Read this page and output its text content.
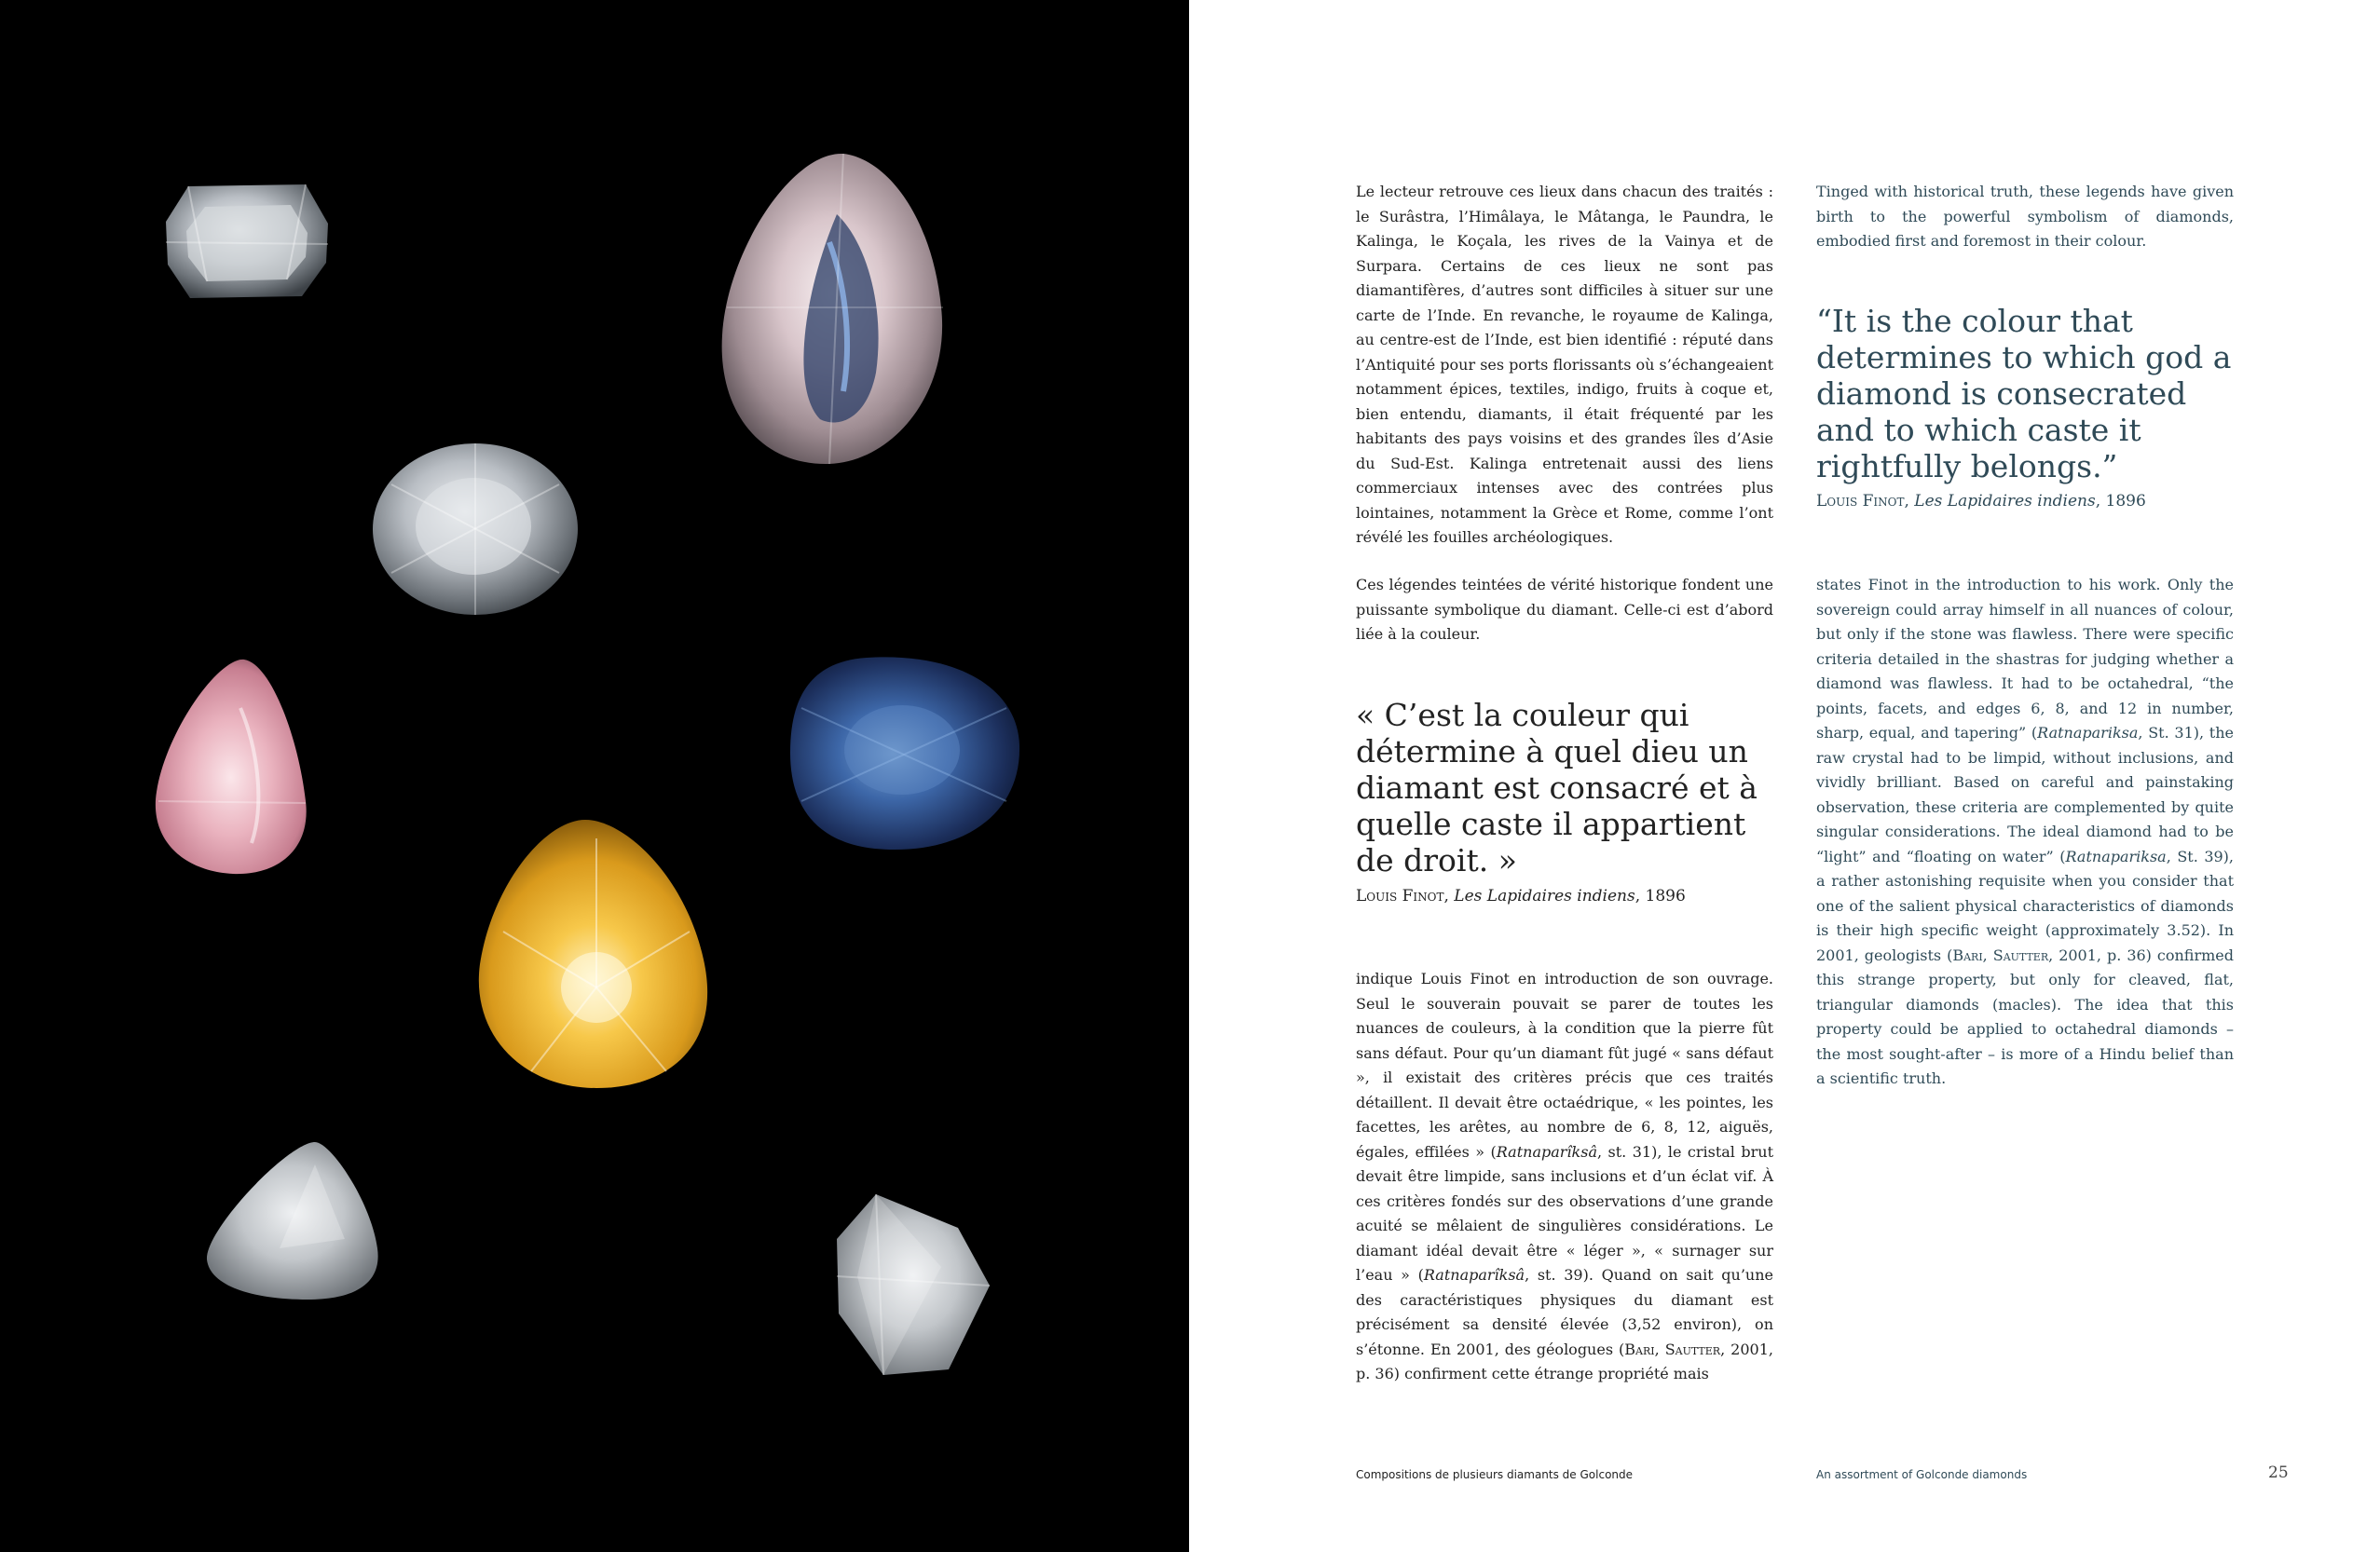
Le lecteur retrouve ces lieux dans chacun des traités : le Surâstra, l’Himâlaya, le Mâtanga, le Paundra, le Kalinga, le Koçala, les rives de la Vainya et de Surpara. Certains de ces lieux ne sont pas diamantifères, d’autres sont difficiles à situer sur une carte de l’Inde. En revanche, le royaume de Kalinga, au centre-est de l’Inde, est bien identifié : réputé dans l’Antiquité pour ses ports florissants où s’échangeaient notamment épices, textiles, indigo, fruits à coque et, bien entendu, diamants, il était fréquenté par les habitants des pays voisins et des grandes îles d’Asie du Sud-Est. Kalinga entretenait aussi des liens commerciaux intenses avec des contrées plus lointaines, notamment la Grèce et Rome, comme l’ont révélé les fouilles archéologiques.

Ces légendes teintées de vérité historique fondent une puissante symbolique du diamant. Celle-ci est d’abord liée à la couleur.

« C’est la couleur qui détermine à quel dieu un diamant est consacré et à quelle caste il appartient de droit. »

Louis Finot, Les Lapidaires indiens, 1896

indique Louis Finot en introduction de son ouvrage. Seul le souverain pouvait se parer de toutes les nuances de couleurs, à la condition que la pierre fût sans défaut. Pour qu’un diamant fût jugé « sans défaut », il existait des critères précis que ces traités détaillent. Il devait être octaédrique, « les pointes, les facettes, les arêtes, au nombre de 6, 8, 12, aiguës, égales, effilées » (Ratnaparîksâ, st. 31), le cristal brut devait être limpide, sans inclusions et d’un éclat vif. À ces critères fondés sur des observations d’une grande acuité se mêlaient de singulières considérations. Le diamant idéal devait être « léger », « surnager sur l’eau » (Ratnaparîksâ, st. 39). Quand on sait qu’une des caractéristiques physiques du diamant est précisément sa densité élevée (3,52 environ), on s’étonne. En 2001, des géologues (Bari, Sautter, 2001, p. 36) confirment cette étrange propriété mais

Tinged with historical truth, these legends have given birth to the powerful symbolism of diamonds, embodied first and foremost in their colour.

“It is the colour that determines to which god a diamond is consecrated and to which caste it rightfully belongs.”

Louis Finot, Les Lapidaires indiens, 1896

states Finot in the introduction to his work. Only the sovereign could array himself in all nuances of colour, but only if the stone was flawless. There were specific criteria detailed in the shastras for judging whether a diamond was flawless. It had to be octahedral, “the points, facets, and edges 6, 8, and 12 in number, sharp, equal, and tapering” (Ratnapariksa, St. 31), the raw crystal had to be limpid, without inclusions, and vividly brilliant. Based on careful and painstaking observation, these criteria are complemented by quite singular considerations. The ideal diamond had to be “light” and “floating on water” (Ratnapariksa, St. 39), a rather astonishing requisite when you consider that one of the salient physical characteristics of diamonds is their high specific weight (approximately 3.52). In 2001, geologists (Bari, Sautter, 2001, p. 36) confirmed this strange property, but only for cleaved, flat, triangular diamonds (macles). The idea that this property could be applied to octahedral diamonds – the most sought-after – is more of a Hindu belief than a scientific truth.

Compositions de plusieurs diamants de Golconde	An assortment of Golconde diamonds	25
